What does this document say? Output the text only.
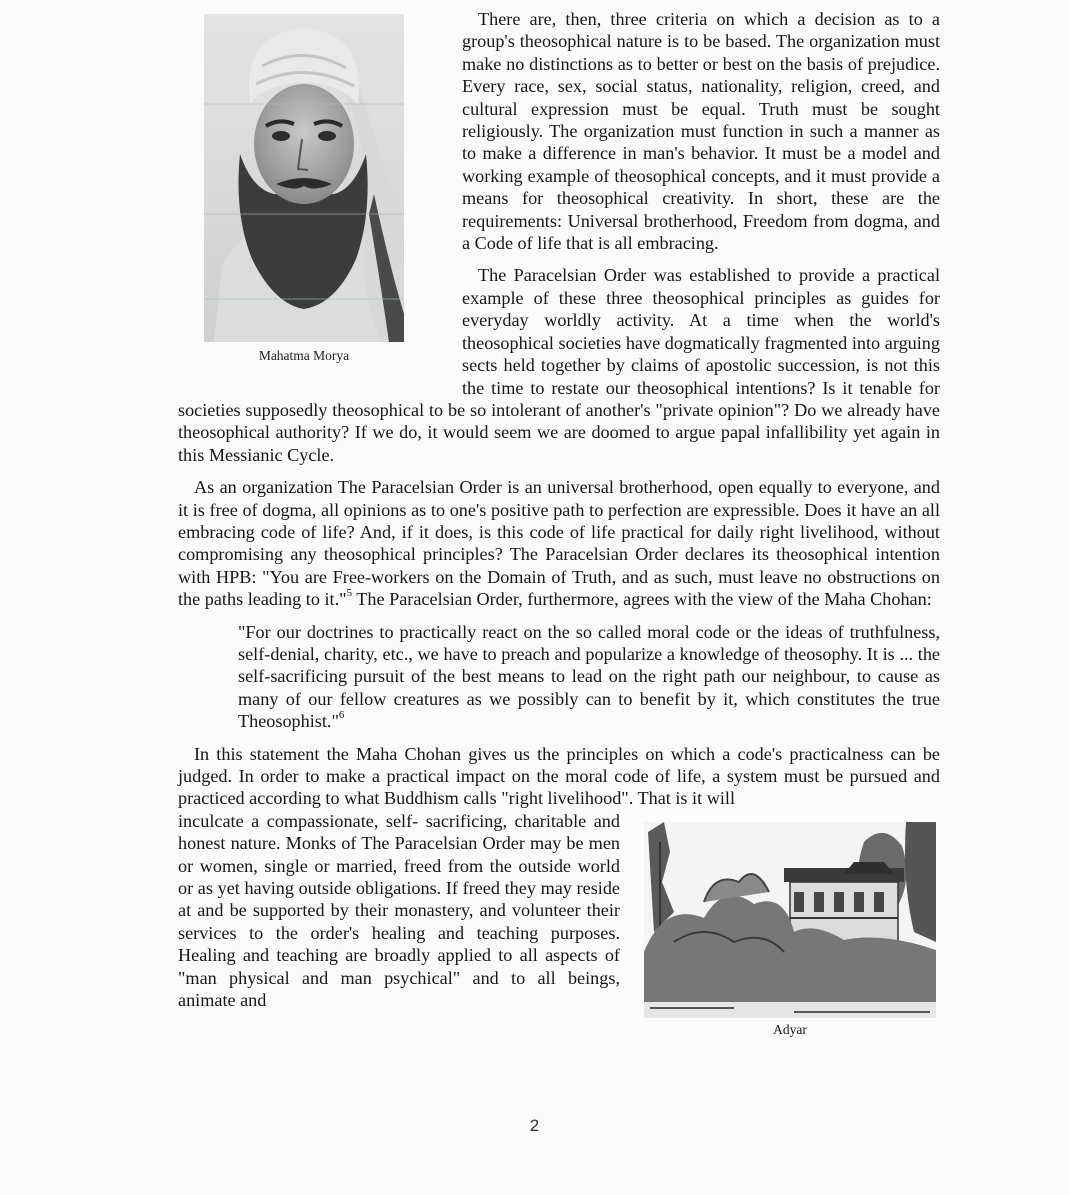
Mahatma Morya

There are, then, three criteria on which a decision as to a group's theosophical nature is to be based. The organization must make no distinctions as to better or best on the basis of prejudice. Every race, sex, social status, nationality, religion, creed, and cultural expression must be equal. Truth must be sought religiously. The organization must function in such a manner as to make a difference in man's behavior. It must be a model and working example of theosophical concepts, and it must provide a means for theosophical creativity. In short, these are the requirements: Universal brotherhood, Freedom from dogma, and a Code of life that is all embracing.

The Paracelsian Order was established to provide a practical example of these three theosophical principles as guides for everyday worldly activity. At a time when the world's theosophical societies have dogmatically fragmented into arguing sects held together by claims of apostolic succession, is not this the time to restate our theosophical intentions? Is it tenable for societies supposedly theosophical to be so intolerant of another's "private opinion"? Do we already have theosophical authority? If we do, it would seem we are doomed to argue papal infallibility yet again in this Messianic Cycle.

As an organization The Paracelsian Order is an universal brotherhood, open equally to everyone, and it is free of dogma, all opinions as to one's positive path to perfection are expressible. Does it have an all embracing code of life? And, if it does, is this code of life practical for daily right livelihood, without compromising any theosophical principles? The Paracelsian Order declares its theosophical intention with HPB: "You are Free-workers on the Domain of Truth, and as such, must leave no obstructions on the paths leading to it."$^5$ The Paracelsian Order, furthermore, agrees with the view of the Maha Chohan:

"For our doctrines to practically react on the so called moral code or the ideas of truthfulness, self-denial, charity, etc., we have to preach and popularize a knowledge of theosophy. It is ... the self-sacrificing pursuit of the best means to lead on the right path our neighbour, to cause as many of our fellow creatures as we possibly can to benefit by it, which constitutes the true Theosophist."$^6$

In this statement the Maha Chohan gives us the principles on which a code's practicalness can be judged. In order to make a practical impact on the moral code of life, a system must be pursued and practiced according to what Buddhism calls "right livelihood". That is it will

Adyar

inculcate a compassionate, self- sacrificing, charitable and honest nature. Monks of The Paracelsian Order may be men or women, single or married, freed from the outside world or as yet having outside obligations. If freed they may reside at and be supported by their monastery, and volunteer their services to the order's healing and teaching purposes. Healing and teaching are broadly applied to all aspects of "man physical and man psychical" and to all beings, animate and

2
